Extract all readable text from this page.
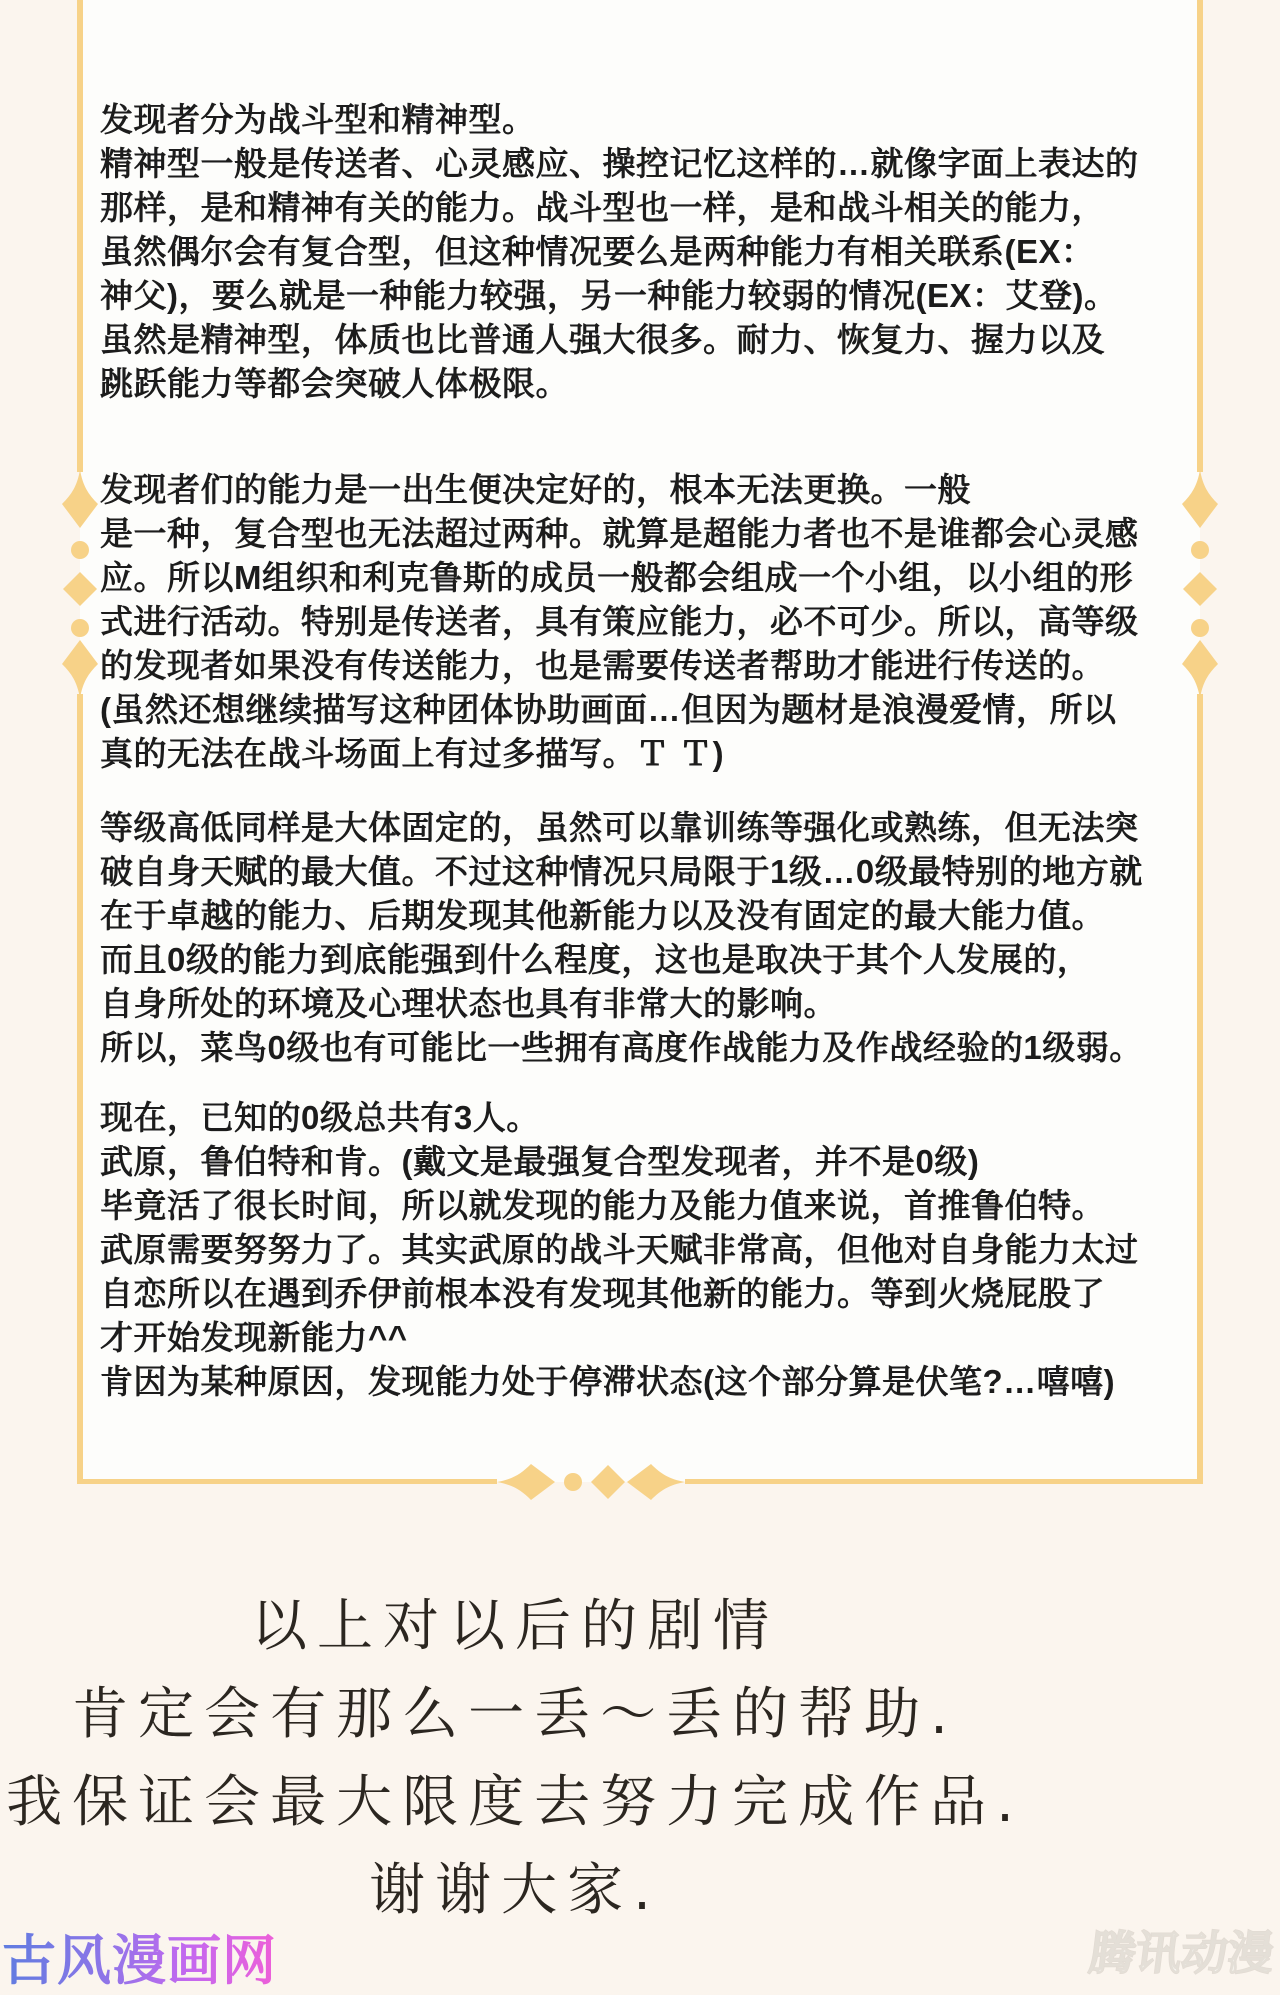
发现者分为战斗型和精神型。
精神型一般是传送者、心灵感应、操控记忆这样的…就像字面上表达的
那样，是和精神有关的能力。战斗型也一样，是和战斗相关的能力，
虽然偶尔会有复合型，但这种情况要么是两种能力有相关联系(EX：
神父)，要么就是一种能力较强，另一种能力较弱的情况(EX：艾登)。
虽然是精神型，体质也比普通人强大很多。耐力、恢复力、握力以及
跳跃能力等都会突破人体极限。
发现者们的能力是一出生便决定好的，根本无法更换。一般
是一种，复合型也无法超过两种。就算是超能力者也不是谁都会心灵感
应。所以M组织和利克鲁斯的成员一般都会组成一个小组，以小组的形
式进行活动。特别是传送者，具有策应能力，必不可少。所以，高等级
的发现者如果没有传送能力，也是需要传送者帮助才能进行传送的。
(虽然还想继续描写这种团体协助画面…但因为题材是浪漫爱情，所以
真的无法在战斗场面上有过多描写。Ｔ Ｔ)
等级高低同样是大体固定的，虽然可以靠训练等强化或熟练，但无法突
破自身天赋的最大值。不过这种情况只局限于1级…0级最特别的地方就
在于卓越的能力、后期发现其他新能力以及没有固定的最大能力值。
而且0级的能力到底能强到什么程度，这也是取决于其个人发展的，
自身所处的环境及心理状态也具有非常大的影响。
所以，菜鸟0级也有可能比一些拥有高度作战能力及作战经验的1级弱。
现在，已知的0级总共有3人。
武原，鲁伯特和肯。(戴文是最强复合型发现者，并不是0级)
毕竟活了很长时间，所以就发现的能力及能力值来说，首推鲁伯特。
武原需要努努力了。其实武原的战斗天赋非常高，但他对自身能力太过
自恋所以在遇到乔伊前根本没有发现其他新的能力。等到火烧屁股了
才开始发现新能力^^
肯因为某种原因，发现能力处于停滞状态(这个部分算是伏笔?…嘻嘻)
以上对以后的剧情
肯定会有那么一丢～丢的帮助.
我保证会最大限度去努力完成作品.
谢谢大家.
古风漫画网	腾讯动漫
